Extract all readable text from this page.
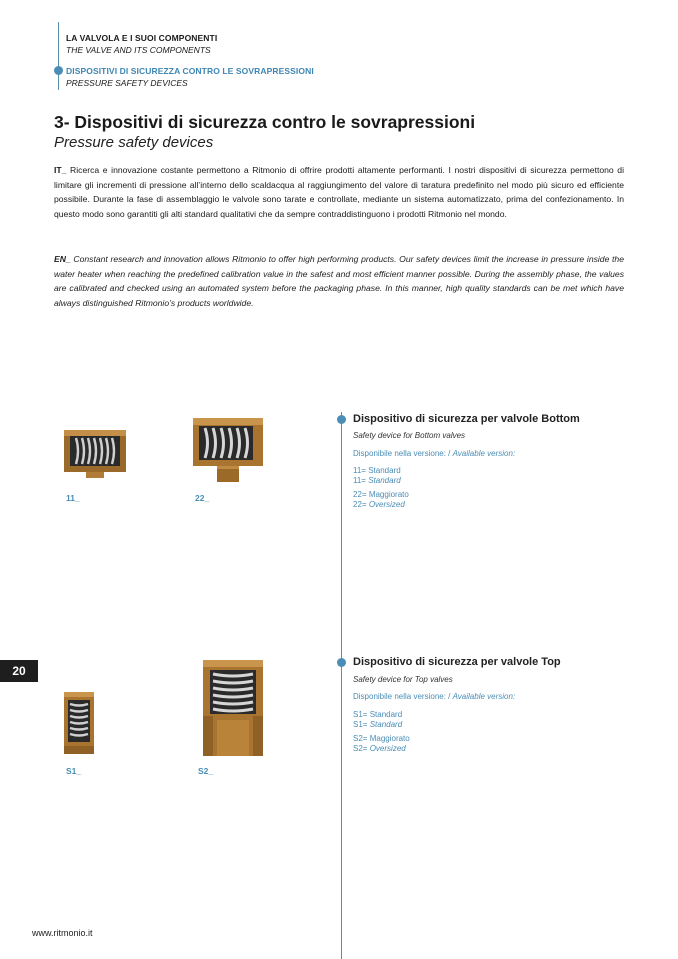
LA VALVOLA E I SUOI COMPONENTI
THE VALVE AND ITS COMPONENTS
DISPOSITIVI DI SICUREZZA CONTRO LE SOVRAPRESSIONI
PRESSURE SAFETY DEVICES
3- Dispositivi di sicurezza contro le sovrapressioni
Pressure safety devices
IT_ Ricerca e innovazione costante permettono a Ritmonio di offrire prodotti altamente performanti. I nostri dispositivi di sicurezza permettono di limitare gli incrementi di pressione all’interno dello scaldacqua al raggiungimento del valore di taratura predefinito nel modo più sicuro ed efficiente possibile. Durante la fase di assemblaggio le valvole sono tarate e controllate, mediante un sistema automatizzato, prima del confezionamento. In questo modo sono garantiti gli alti standard qualitativi che da sempre contraddistinguono i prodotti Ritmonio nel mondo.
EN_ Constant research and innovation allows Ritmonio to offer high performing products. Our safety devices limit the increase in pressure inside the water heater when reaching the predefined calibration value in the safest and most efficient manner possible. During the assembly phase, the values are calibrated and checked using an automated system before the packaging phase. In this manner, high quality standards can be met which have always distinguished Ritmonio’s products worldwide.
Dispositivo di sicurezza per valvole Bottom
Safety device for Bottom valves
Disponibile nella versione: / Available version:
11= Standard
11= Standard
22= Maggiorato
22= Oversized
11_	22_
20
Dispositivo di sicurezza per valvole Top
Safety device for Top valves
Disponibile nella versione: / Available version:
S1= Standard
S1= Standard
S2= Maggiorato
S2= Oversized
S1_	S2_
www.ritmonio.it
